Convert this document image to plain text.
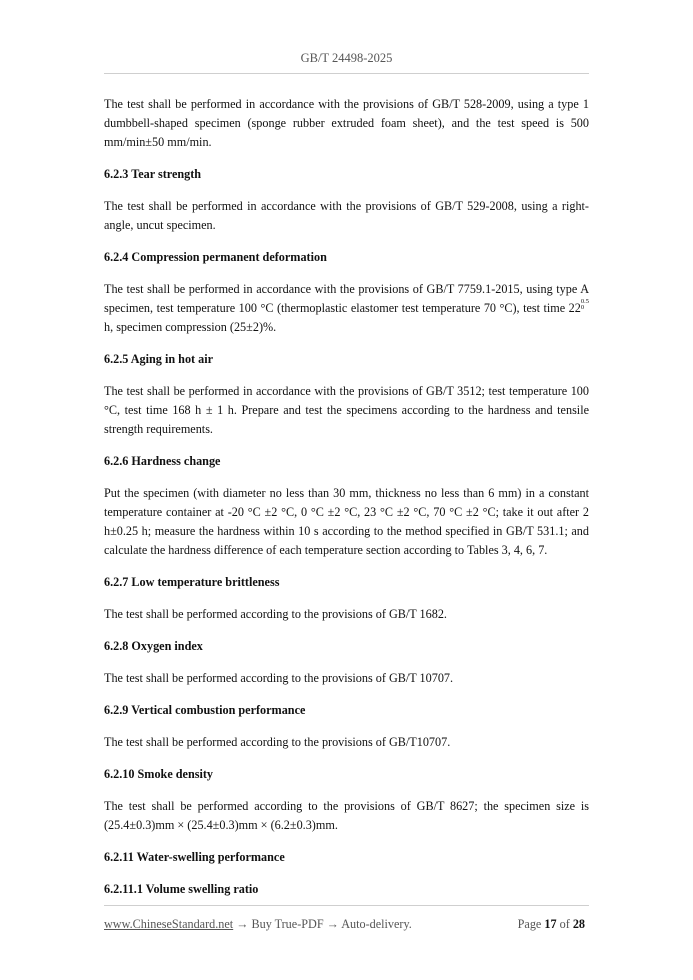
GB/T 24498-2025

The test shall be performed in accordance with the provisions of GB/T 528-2009, using a type 1 dumbbell-shaped specimen (sponge rubber extruded foam sheet), and the test speed is 500 mm/min±50 mm/min.

6.2.3 Tear strength

The test shall be performed in accordance with the provisions of GB/T 529-2008, using a right-angle, uncut specimen.

6.2.4 Compression permanent deformation

The test shall be performed in accordance with the provisions of GB/T 7759.1-2015, using type A specimen, test temperature 100 °C (thermoplastic elastomer test temperature 70 °C), test time 22 $^{0.5 0}$
h, specimen compression (25±2)%.

6.2.5 Aging in hot air

The test shall be performed in accordance with the provisions of GB/T 3512; test temperature 100 °C, test time 168 h ± 1 h. Prepare and test the specimens according to the hardness and tensile strength requirements.

6.2.6 Hardness change

Put the specimen (with diameter no less than 30 mm, thickness no less than 6 mm) in a constant temperature container at -20 °C ±2 °C, 0 °C ±2 °C, 23 °C ±2 °C, 70 °C ±2 °C; take it out after 2 h±0.25 h; measure the hardness within 10 s according to the method specified in GB/T 531.1; and calculate the hardness difference of each temperature section according to Tables 3, 4, 6, 7.

6.2.7 Low temperature brittleness

The test shall be performed according to the provisions of GB/T 1682.

6.2.8 Oxygen index

The test shall be performed according to the provisions of GB/T 10707.

6.2.9 Vertical combustion performance

The test shall be performed according to the provisions of GB/T10707.

6.2.10 Smoke density

The test shall be performed according to the provisions of GB/T 8627; the specimen size is (25.4±0.3)mm × (25.4±0.3)mm × (6.2±0.3)mm.

6.2.11 Water-swelling performance
6.2.11.1 Volume swelling ratio
www.ChineseStandard.net → Buy True-PDF → Auto-delivery.	Page 17 of 28
